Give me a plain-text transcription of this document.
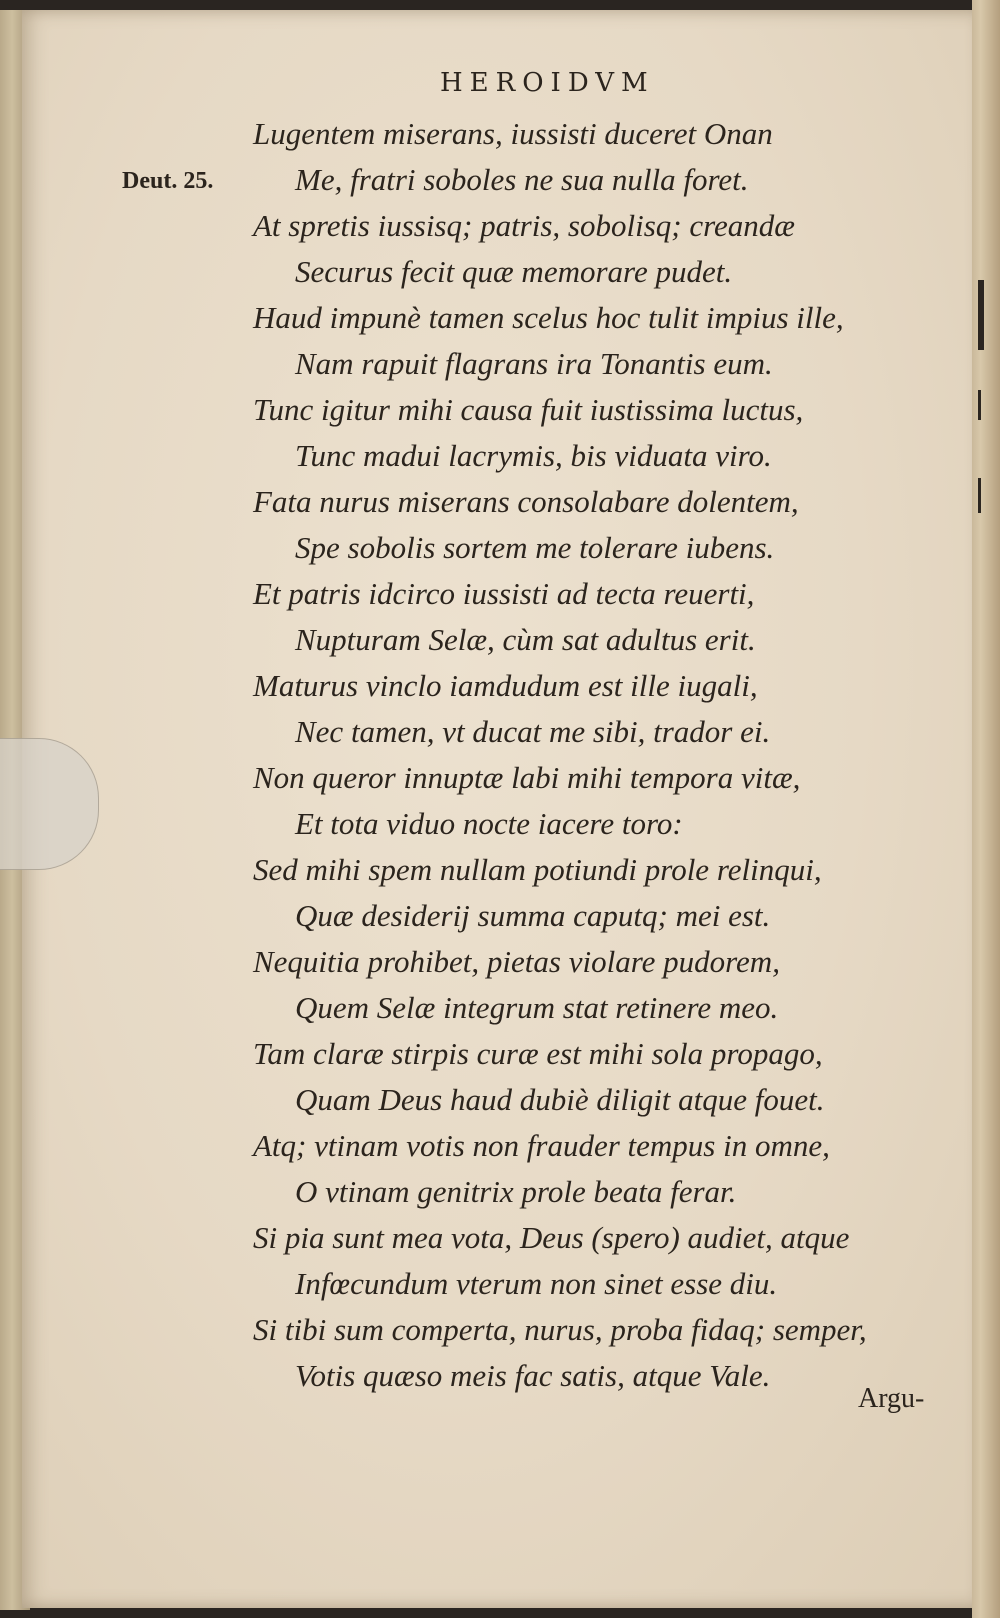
HEROIDVM
Deut. 25.
Lugentem miserans, iussisti duceret Onan
Me, fratri soboles ne sua nulla foret.
At spretis iussisq; patris, sobolisq; creandæ
Securus fecit quæ memorare pudet.
Haud impunè tamen scelus hoc tulit impius ille,
Nam rapuit flagrans ira Tonantis eum.
Tunc igitur mihi causa fuit iustissima luctus,
Tunc madui lacrymis, bis viduata viro.
Fata nurus miserans consolabare dolentem,
Spe sobolis sortem me tolerare iubens.
Et patris idcirco iussisti ad tecta reuerti,
Nupturam Selæ, cùm sat adultus erit.
Maturus vinclo iamdudum est ille iugali,
Nec tamen, vt ducat me sibi, trador ei.
Non queror innuptæ labi mihi tempora vitæ,
Et tota viduo nocte iacere toro:
Sed mihi spem nullam potiundi prole relinqui,
Quæ desiderij summa caputq; mei est.
Nequitia prohibet, pietas violare pudorem,
Quem Selæ integrum stat retinere meo.
Tam claræ stirpis curæ est mihi sola propago,
Quam Deus haud dubiè diligit atque fouet.
Atq; vtinam votis non frauder tempus in omne,
O vtinam genitrix prole beata ferar.
Si pia sunt mea vota, Deus (spero) audiet, atque
Infœcundum vterum non sinet esse diu.
Si tibi sum comperta, nurus, proba fidaq; semper,
Votis quæso meis fac satis, atque Vale.
Argu-
